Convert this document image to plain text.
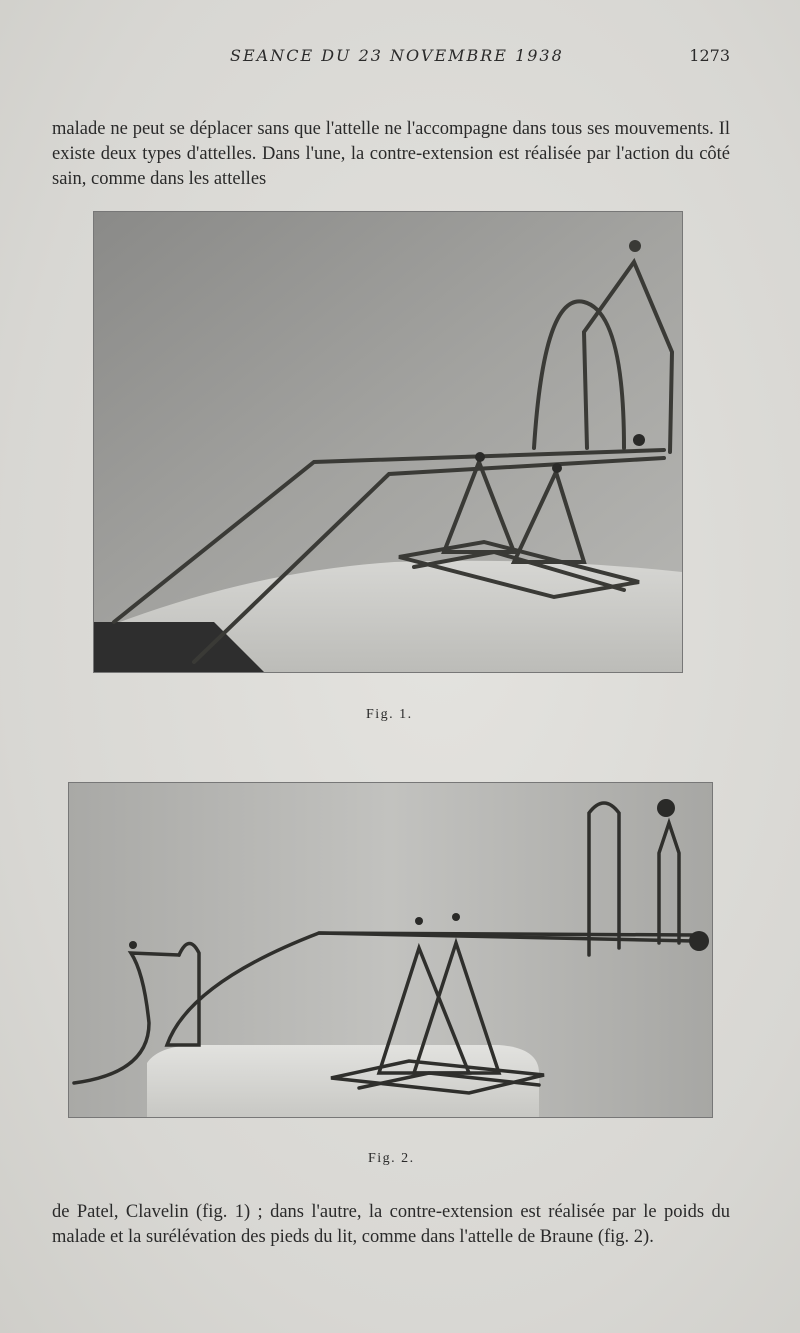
SEANCE DU 23 NOVEMBRE 1938	1273

malade ne peut se déplacer sans que l'attelle ne l'accompagne dans tous ses mouvements. Il existe deux types d'attelles. Dans l'une, la contre-extension est réalisée par l'action du côté sain, comme dans les attelles

Fig. 1.
Fig. 2.

de Patel, Clavelin (fig. 1) ; dans l'autre, la contre-extension est réalisée par le poids du malade et la surélévation des pieds du lit, comme dans l'attelle de Braune (fig. 2).
